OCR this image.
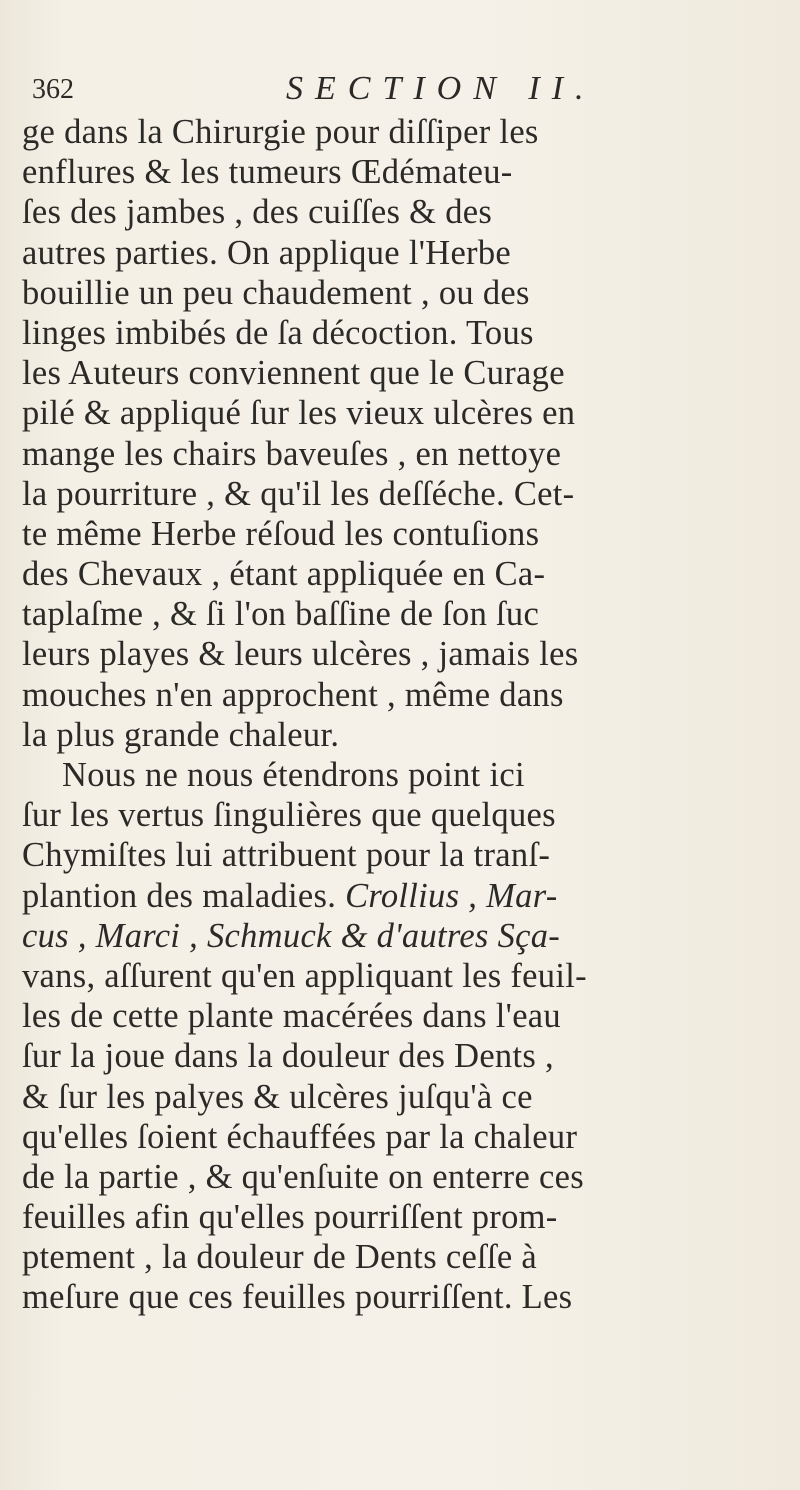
362	SECTION II.
ge dans la Chirurgie pour diſſiper les
enflures & les tumeurs Œdémateu-
ſes des jambes , des cuiſſes & des
autres parties. On applique l'Herbe
bouillie un peu chaudement , ou des
linges imbibés de ſa décoction. Tous
les Auteurs conviennent que le Curage
pilé & appliqué ſur les vieux ulcères en
mange les chairs baveuſes , en nettoye
la pourriture , & qu'il les deſſéche. Cet-
te même Herbe réſoud les contuſions
des Chevaux , étant appliquée en Ca-
taplaſme , & ſi l'on baſſine de ſon ſuc
leurs playes & leurs ulcères , jamais les
mouches n'en approchent , même dans
la plus grande chaleur.
Nous ne nous étendrons point ici
ſur les vertus ſingulières que quelques
Chymiſtes lui attribuent pour la tranſ-
plantion des maladies. Crollius , Mar-
cus , Marci , Schmuck & d'autres Sça-
vans, aſſurent qu'en appliquant les feuil-
les de cette plante macérées dans l'eau
ſur la joue dans la douleur des Dents ,
& ſur les palyes & ulcères juſqu'à ce
qu'elles ſoient échauffées par la chaleur
de la partie , & qu'enſuite on enterre ces
feuilles afin qu'elles pourriſſent prom-
ptement , la douleur de Dents ceſſe à
meſure que ces feuilles pourriſſent. Les
